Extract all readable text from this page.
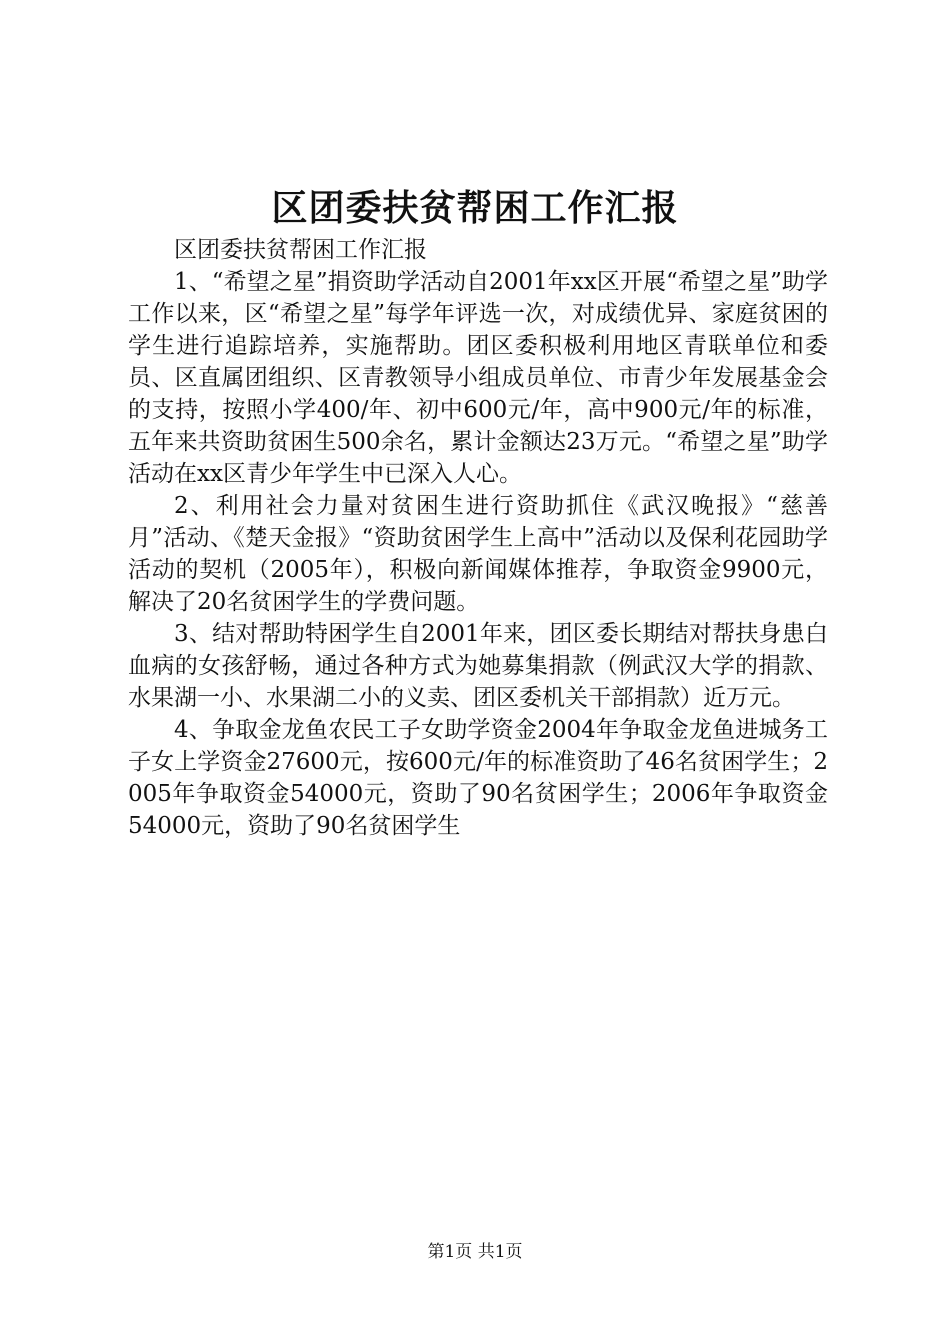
区团委扶贫帮困工作汇报

区团委扶贫帮困工作汇报

1、“希望之星”捐资助学活动自2001年xx区开展“希望之星”助学工作以来，区“希望之星”每学年评选一次，对成绩优异、家庭贫困的学生进行追踪培养，实施帮助。团区委积极利用地区青联单位和委员、区直属团组织、区青教领导小组成员单位、市青少年发展基金会的支持，按照小学400/年、初中600元/年，高中900元/年的标准，五年来共资助贫困生500余名，累计金额达23万元。“希望之星”助学活动在xx区青少年学生中已深入人心。

2、利用社会力量对贫困生进行资助抓住《武汉晚报》“慈善月”活动、《楚天金报》“资助贫困学生上高中”活动以及保利花园助学活动的契机（2005年），积极向新闻媒体推荐，争取资金9900元，解决了20名贫困学生的学费问题。

3、结对帮助特困学生自2001年来，团区委长期结对帮扶身患白血病的女孩舒畅，通过各种方式为她募集捐款（例武汉大学的捐款、水果湖一小、水果湖二小的义卖、团区委机关干部捐款）近万元。

4、争取金龙鱼农民工子女助学资金2004年争取金龙鱼进城务工子女上学资金27600元，按600元/年的标准资助了46名贫困学生；2005年争取资金54000元，资助了90名贫困学生；2006年争取资金54000元，资助了90名贫困学生

第1页 共1页
